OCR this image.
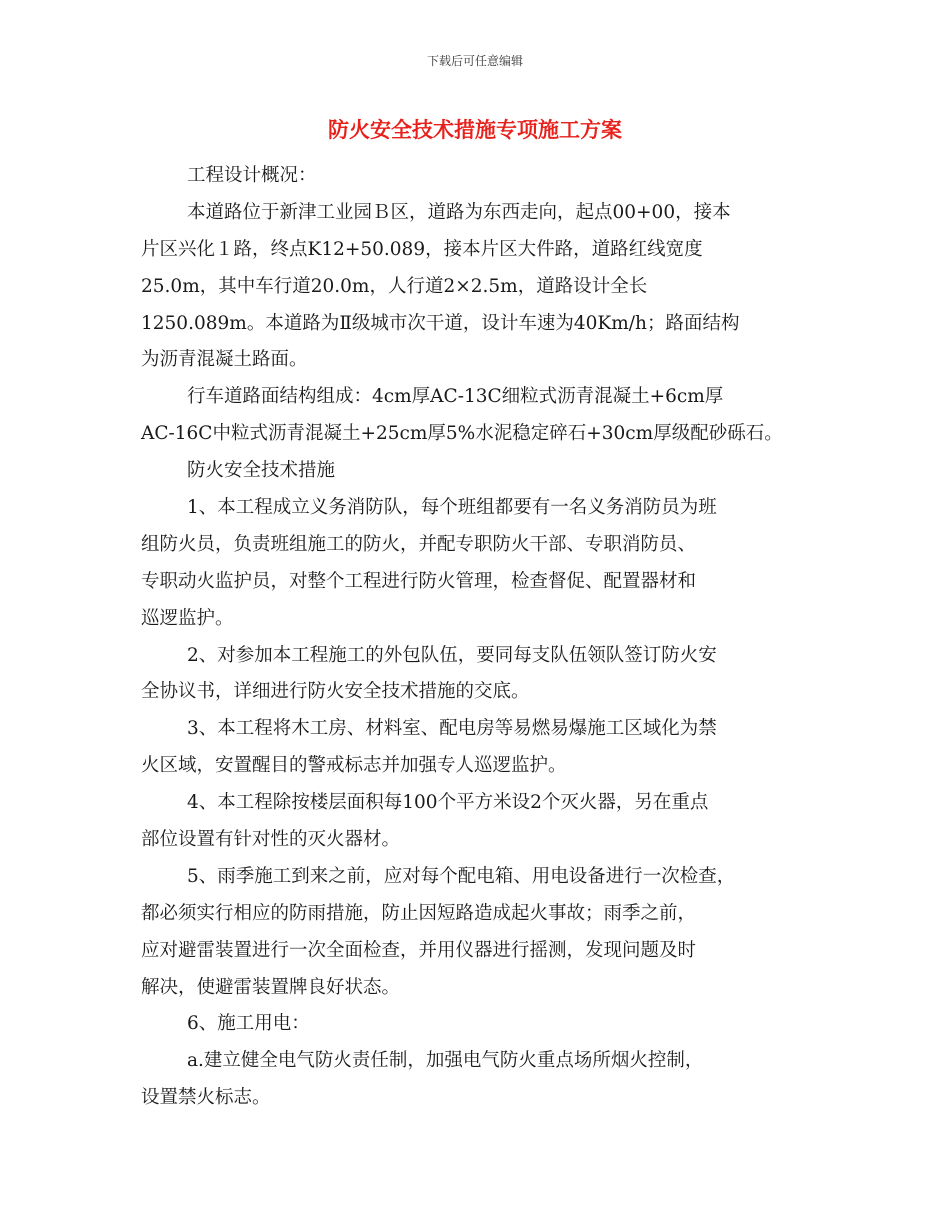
下载后可任意编辑
防火安全技术措施专项施工方案
工程设计概况：
本道路位于新津工业园Ｂ区，道路为东西走向，起点00+00，接本
片区兴化１路，终点K12+50.089，接本片区大件路，道路红线宽度
25.0m，其中车行道20.0m，人行道2×2.5m，道路设计全长
1250.089m。本道路为Ⅱ级城市次干道，设计车速为40Km/h；路面结构
为沥青混凝土路面。
行车道路面结构组成：4cm厚AC-13C细粒式沥青混凝土+6cm厚
AC-16C中粒式沥青混凝土+25cm厚5%水泥稳定碎石+30cm厚级配砂砾石。
防火安全技术措施
1、本工程成立义务消防队，每个班组都要有一名义务消防员为班
组防火员，负责班组施工的防火，并配专职防火干部、专职消防员、
专职动火监护员，对整个工程进行防火管理，检查督促、配置器材和
巡逻监护。
2、对参加本工程施工的外包队伍，要同每支队伍领队签订防火安
全协议书，详细进行防火安全技术措施的交底。
3、本工程将木工房、材料室、配电房等易燃易爆施工区域化为禁
火区域，安置醒目的警戒标志并加强专人巡逻监护。
4、本工程除按楼层面积每100个平方米设2个灭火器，另在重点
部位设置有针对性的灭火器材。
5、雨季施工到来之前，应对每个配电箱、用电设备进行一次检查，
都必须实行相应的防雨措施，防止因短路造成起火事故；雨季之前，
应对避雷装置进行一次全面检查，并用仪器进行摇测，发现问题及时
解决，使避雷装置牌良好状态。
6、施工用电：
a.建立健全电气防火责任制，加强电气防火重点场所烟火控制，
设置禁火标志。
